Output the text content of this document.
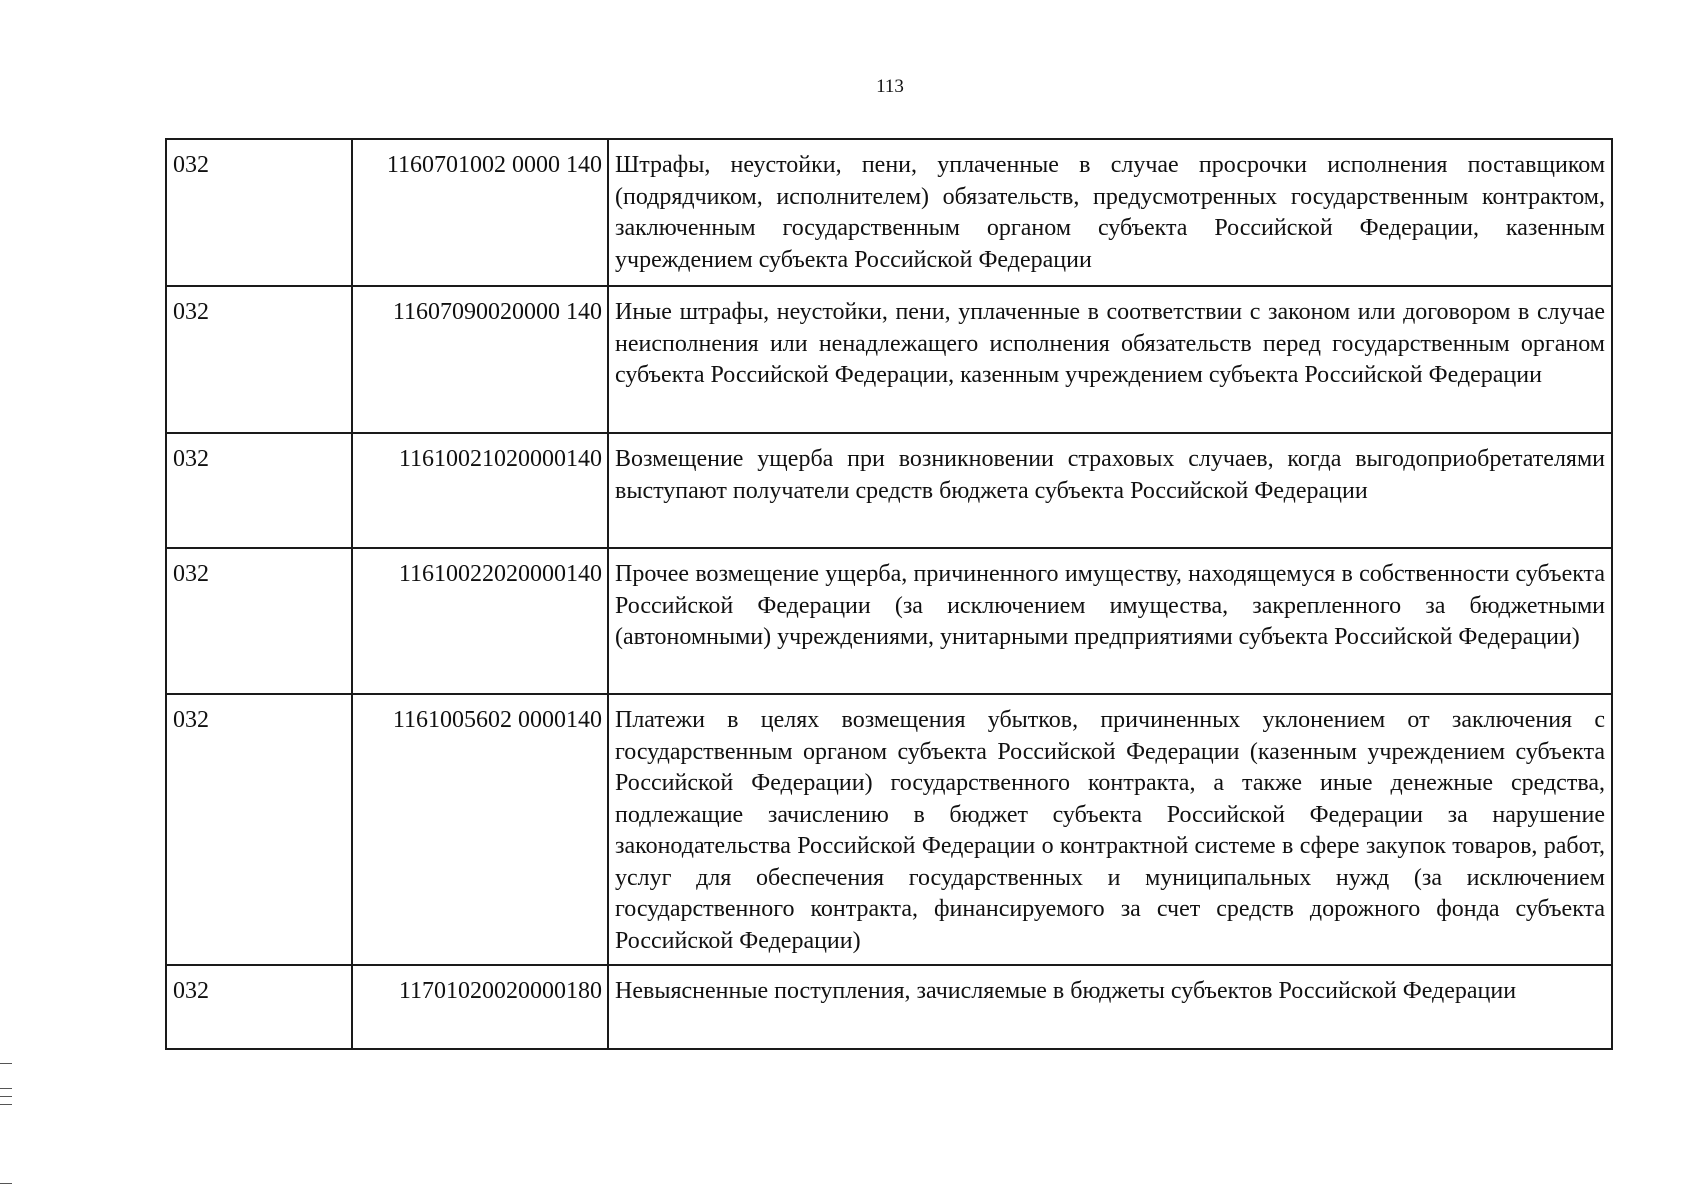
113
032	1160701002 0000 140	Штрафы, неустойки, пени, уплаченные в случае просрочки исполнения поставщиком (подрядчиком, исполнителем) обязательств, предусмотренных государственным контрактом, заключенным государственным органом субъекта Российской Федерации, казенным учреждением субъекта Российской Федерации
032	11607090020000 140	Иные штрафы, неустойки, пени, уплаченные в соответствии с законом или договором в случае неисполнения или ненадлежащего исполнения обязательств перед государственным органом субъекта Российской Федерации, казенным учреждением субъекта Российской Федерации
032	11610021020000140	Возмещение ущерба при возникновении страховых случаев, когда выгодоприобретателями выступают получатели средств бюджета субъекта Российской Федерации
032	11610022020000140	Прочее возмещение ущерба, причиненного имуществу, находящемуся в собственности субъекта Российской Федерации (за исключением имущества, закрепленного за бюджетными (автономными) учреждениями, унитарными предприятиями субъекта Российской Федерации)
032	1161005602 0000140	Платежи в целях возмещения убытков, причиненных уклонением от заключения с государственным органом субъекта Российской Федерации (казенным учреждением субъекта Российской Федерации) государственного контракта, а также иные денежные средства, подлежащие зачислению в бюджет субъекта Российской Федерации за нарушение законодательства Российской Федерации о контрактной системе в сфере закупок товаров, работ, услуг для обеспечения государственных и муниципальных нужд (за исключением государственного контракта, финансируемого за счет средств дорожного фонда субъекта Российской Федерации)
032	11701020020000180	Невыясненные поступления, зачисляемые в бюджеты субъектов Российской Федерации
